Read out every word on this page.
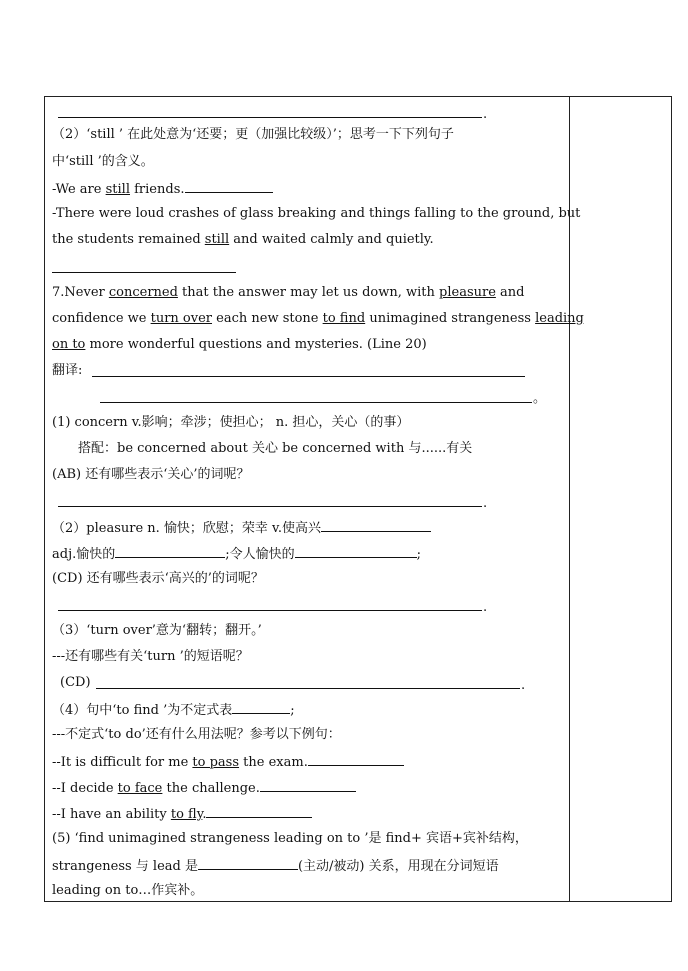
.
（2）‘still ’ 在此处意为‘还要；更（加强比较级）’；思考一下下列句子
中‘still ’的含义。
-We are still friends.
-There were loud crashes of glass breaking and things falling to the ground, but
the students remained still and waited calmly and quietly.
7.Never concerned that the answer may let us down, with pleasure and
confidence we turn over each new stone to find unimagined strangeness leading
on to more wonderful questions and mysteries. (Line 20)
翻译:
。
(1) concern v.影响；牵涉；使担心； n. 担心，关心（的事）
搭配：be concerned about 关心 be concerned with 与......有关
(AB) 还有哪些表示‘关心’的词呢？
.
（2）pleasure n. 愉快；欣慰；荣幸 v.使高兴
adj.愉快的	;令人愉快的	;
(CD) 还有哪些表示‘高兴的’的词呢？
.
（3）‘turn over’意为‘翻转；翻开。’
---还有哪些有关‘turn ’的短语呢？
(CD)	.
（4）句中‘to find ’为不定式表	;
---不定式‘to do’还有什么用法呢？参考以下例句：
--It is difficult for me to pass the exam.
--I decide to face the challenge.
--I have an ability to fly.
(5) ‘find unimagined strangeness leading on to ’是 find+ 宾语+宾补结构，
strangeness 与 lead 是	(主动/被动) 关系，用现在分词短语
leading on to…作宾补。
